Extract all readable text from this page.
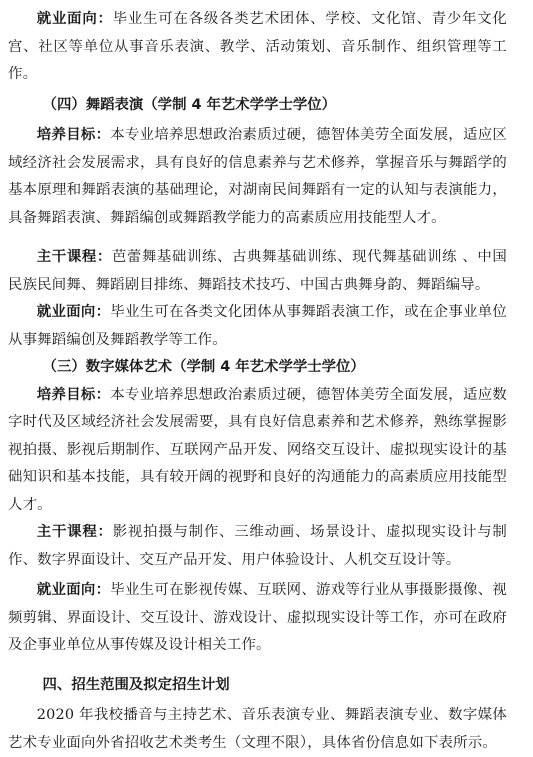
就业面向：毕业生可在各级各类艺术团体、学校、文化馆、青少年文化宫、社区等单位从事音乐表演、教学、活动策划、音乐制作、组织管理等工作。

（四）舞蹈表演（学制 4 年艺术学学士学位）

培养目标：本专业培养思想政治素质过硬，德智体美劳全面发展，适应区域经济社会发展需求，具有良好的信息素养与艺术修养，掌握音乐与舞蹈学的基本原理和舞蹈表演的基础理论，对湖南民间舞蹈有一定的认知与表演能力，具备舞蹈表演、舞蹈编创或舞蹈教学能力的高素质应用技能型人才。

主干课程：芭蕾舞基础训练、古典舞基础训练、现代舞基础训练 、中国民族民间舞、舞蹈剧目排练、舞蹈技术技巧、中国古典舞身韵、舞蹈编导。

就业面向：毕业生可在各类文化团体从事舞蹈表演工作，或在企事业单位从事舞蹈编创及舞蹈教学等工作。

（三）数字媒体艺术（学制 4 年艺术学学士学位）

培养目标：本专业培养思想政治素质过硬，德智体美劳全面发展，适应数字时代及区域经济社会发展需要，具有良好信息素养和艺术修养，熟练掌握影视拍摄、影视后期制作、互联网产品开发、网络交互设计、虚拟现实设计的基础知识和基本技能，具有较开阔的视野和良好的沟通能力的高素质应用技能型人才。

主干课程：影视拍摄与制作、三维动画、场景设计、虚拟现实设计与制作、数字界面设计、交互产品开发、用户体验设计、人机交互设计等。

就业面向：毕业生可在影视传媒、互联网、游戏等行业从事摄影摄像、视频剪辑、界面设计、交互设计、游戏设计、虚拟现实设计等工作，亦可在政府及企事业单位从事传媒及设计相关工作。

四、招生范围及拟定招生计划

2020 年我校播音与主持艺术、音乐表演专业、舞蹈表演专业、数字媒体艺术专业面向外省招收艺术类考生（文理不限），具体省份信息如下表所示。
